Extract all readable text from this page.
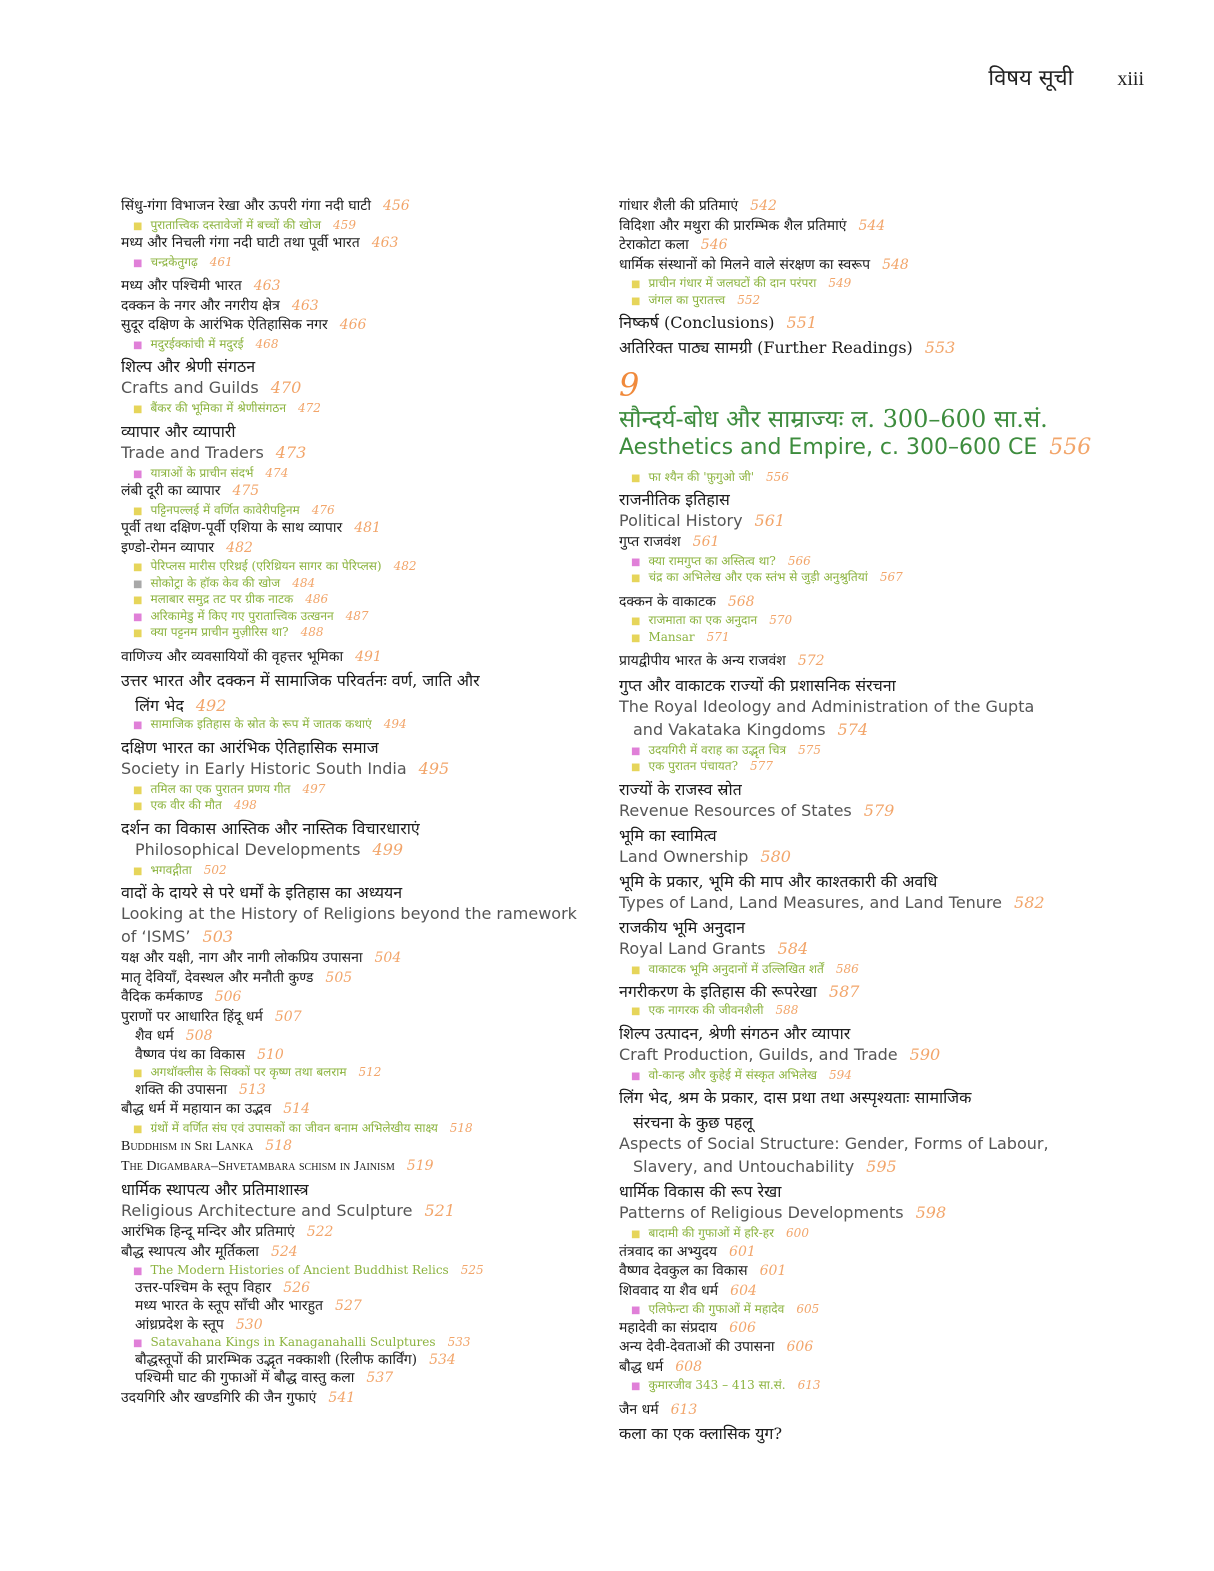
विषय सूची xiii
सिंधु-गंगा विभाजन रेखा और ऊपरी गंगा नदी घाटी 456
■ पुरातात्त्विक दस्तावेजों में बच्चों की खोज 459
मध्य और निचली गंगा नदी घाटी तथा पूर्वी भारत 463
■ चन्द्रकेतुगढ़ 461
मध्य और पश्चिमी भारत 463
दक्कन के नगर और नगरीय क्षेत्र 463
सुदूर दक्षिण के आरंभिक ऐतिहासिक नगर 466
■ मदुरईक्कांची में मदुरई 468
शिल्प और श्रेणी संगठन
Crafts and Guilds 470
■ बैंकर की भूमिका में श्रेणीसंगठन 472
व्यापार और व्यापारी
Trade and Traders 473
■ यात्राओं के प्राचीन संदर्भ 474
लंबी दूरी का व्यापार 475
■ पट्टिनपल्लई में वर्णित कावेरीपट्टिनम 476
पूर्वी तथा दक्षिण-पूर्वी एशिया के साथ व्यापार 481
इण्डो-रोमन व्यापार 482
■ पेरिप्लस मारीस एरिथ्रई (एरिथ्रियन सागर का पेरिप्लस) 482
■ सोकोट्रा के हॉक केव की खोज 484
■ मलाबार समुद्र तट पर ग्रीक नाटक 486
■ अरिकामेडु में किए गए पुरातात्त्विक उत्खनन 487
■ क्या पट्टनम प्राचीन मुज़ीरिस था? 488
वाणिज्य और व्यवसायियों की वृहत्तर भूमिका 491
उत्तर भारत और दक्कन में सामाजिक परिवर्तनः वर्ण, जाति और
लिंग भेद 492
■ सामाजिक इतिहास के स्रोत के रूप में जातक कथाएं 494
दक्षिण भारत का आरंभिक ऐतिहासिक समाज
Society in Early Historic South India 495
■ तमिल का एक पुरातन प्रणय गीत 497
■ एक वीर की मौत 498
दर्शन का विकास आस्तिक और नास्तिक विचारधाराएं
Philosophical Developments 499
■ भगवद्गीता 502
वादों के दायरे से परे धर्मों के इतिहास का अध्ययन
Looking at the History of Religions beyond the ramework
of ‘ISMS’ 503
यक्ष और यक्षी, नाग और नागी लोकप्रिय उपासना 504
मातृ देवियाँ, देवस्थल और मनौती कुण्ड 505
वैदिक कर्मकाण्ड 506
पुराणों पर आधारित हिंदू धर्म 507
शैव धर्म 508
वैष्णव पंथ का विकास 510
■ अगथॉक्लीस के सिक्कों पर कृष्ण तथा बलराम 512
शक्ति की उपासना 513
बौद्ध धर्म में महायान का उद्भव 514
■ ग्रंथों में वर्णित संघ एवं उपासकों का जीवन बनाम अभिलेखीय साक्ष्य 518
Buddhism in Sri Lanka 518
The Digambara–Shvetambara schism in Jainism 519
धार्मिक स्थापत्य और प्रतिमाशास्त्र
Religious Architecture and Sculpture 521
आरंभिक हिन्दू मन्दिर और प्रतिमाएं 522
बौद्ध स्थापत्य और मूर्तिकला 524
■ The Modern Histories of Ancient Buddhist Relics 525
उत्तर-पश्चिम के स्तूप विहार 526
मध्य भारत के स्तूप साँची और भारहुत 527
आंध्रप्रदेश के स्तूप 530
■ Satavahana Kings in Kanaganahalli Sculptures 533
बौद्धस्तूपों की प्रारम्भिक उद्भृत नक्काशी (रिलीफ कार्विंग) 534
पश्चिमी घाट की गुफाओं में बौद्ध वास्तु कला 537
उदयगिरि और खण्डगिरि की जैन गुफाएं 541
गांधार शैली की प्रतिमाएं 542
विदिशा और मथुरा की प्रारम्भिक शैल प्रतिमाएं 544
टेराकोटा कला 546
धार्मिक संस्थानों को मिलने वाले संरक्षण का स्वरूप 548
■ प्राचीन गंधार में जलघटों की दान परंपरा 549
■ जंगल का पुरातत्त्व 552
निष्कर्ष (Conclusions) 551
अतिरिक्त पाठ्य सामग्री (Further Readings) 553
9
सौन्दर्य-बोध और साम्राज्यः ल. 300–600 सा.सं.
Aesthetics and Empire, c. 300–600 CE 556
■ फा श्यैन की 'फ़ुगुओ जी' 556
राजनीतिक इतिहास
Political History 561
गुप्त राजवंश 561
■ क्या रामगुप्त का अस्तित्व था? 566
■ चंद्र का अभिलेख और एक स्तंभ से जुड़ी अनुश्रुतियां 567
दक्कन के वाकाटक 568
■ राजमाता का एक अनुदान 570
■ Mansar 571
प्रायद्वीपीय भारत के अन्य राजवंश 572
गुप्त और वाकाटक राज्यों की प्रशासनिक संरचना
The Royal Ideology and Administration of the Gupta
and Vakataka Kingdoms 574
■ उदयगिरी में वराह का उद्भृत चित्र 575
■ एक पुरातन पंचायत? 577
राज्यों के राजस्व स्रोत
Revenue Resources of States 579
भूमि का स्वामित्व
Land Ownership 580
भूमि के प्रकार, भूमि की माप और काश्तकारी की अवधि
Types of Land, Land Measures, and Land Tenure 582
राजकीय भूमि अनुदान
Royal Land Grants 584
■ वाकाटक भूमि अनुदानों में उल्लिखित शर्तें 586
नगरीकरण के इतिहास की रूपरेखा 587
■ एक नागरक की जीवनशैली 588
शिल्प उत्पादन, श्रेणी संगठन और व्यापार
Craft Production, Guilds, and Trade 590
■ वो-कान्ह और कुहेई में संस्कृत अभिलेख 594
लिंग भेद, श्रम के प्रकार, दास प्रथा तथा अस्पृश्यताः सामाजिक
संरचना के कुछ पहलू
Aspects of Social Structure: Gender, Forms of Labour,
Slavery, and Untouchability 595
धार्मिक विकास की रूप रेखा
Patterns of Religious Developments 598
■ बादामी की गुफाओं में हरि-हर 600
तंत्रवाद का अभ्युदय 601
वैष्णव देवकुल का विकास 601
शिववाद या शैव धर्म 604
■ एलिफेन्टा की गुफाओं में महादेव 605
महादेवी का संप्रदाय 606
अन्य देवी-देवताओं की उपासना 606
बौद्ध धर्म 608
■ कुमारजीव 343 – 413 सा.सं. 613
जैन धर्म 613
कला का एक क्लासिक युग?
